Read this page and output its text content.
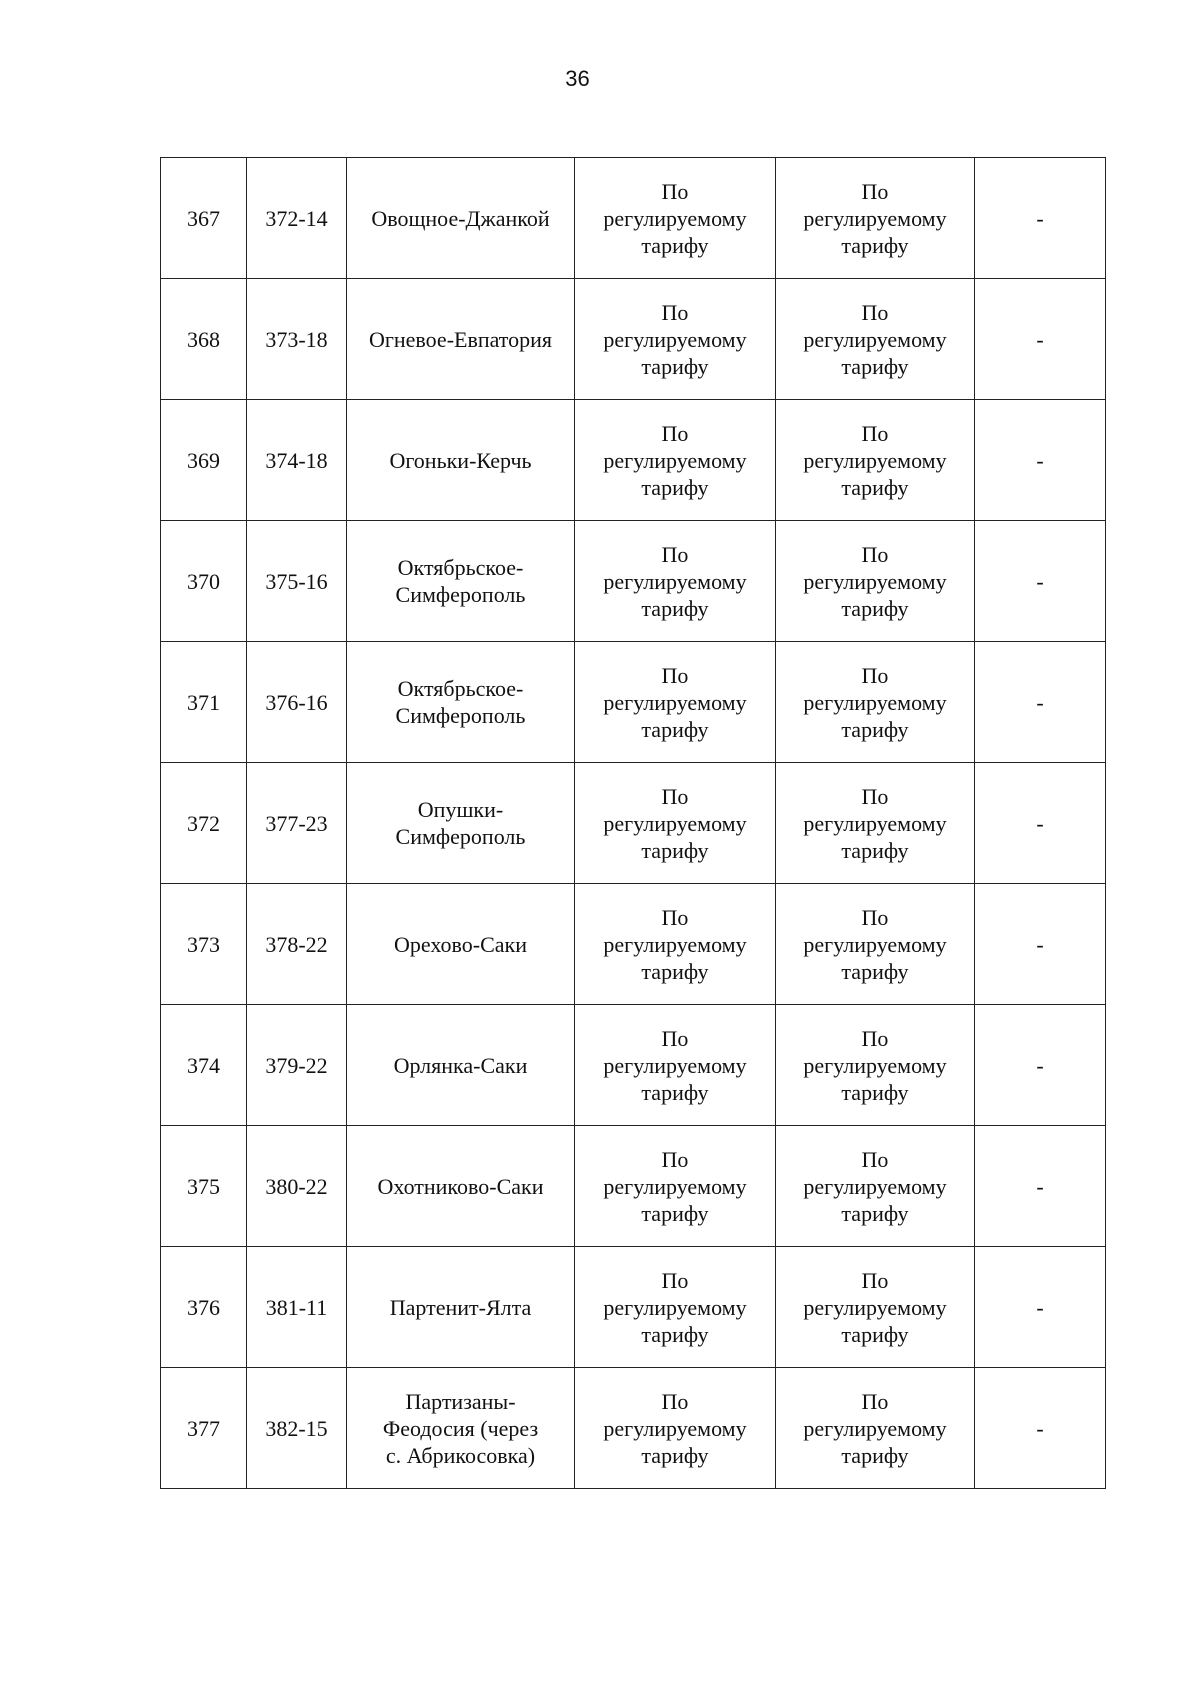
36
367	372-14	Овощное-Джанкой	По
регулируемому
тарифу	По
регулируемому
тарифу	-
368	373-18	Огневое-Евпатория	По
регулируемому
тарифу	По
регулируемому
тарифу	-
369	374-18	Огоньки-Керчь	По
регулируемому
тарифу	По
регулируемому
тарифу	-
370	375-16	Октябрьское-
Симферополь	По
регулируемому
тарифу	По
регулируемому
тарифу	-
371	376-16	Октябрьское-
Симферополь	По
регулируемому
тарифу	По
регулируемому
тарифу	-
372	377-23	Опушки-
Симферополь	По
регулируемому
тарифу	По
регулируемому
тарифу	-
373	378-22	Орехово-Саки	По
регулируемому
тарифу	По
регулируемому
тарифу	-
374	379-22	Орлянка-Саки	По
регулируемому
тарифу	По
регулируемому
тарифу	-
375	380-22	Охотниково-Саки	По
регулируемому
тарифу	По
регулируемому
тарифу	-
376	381-11	Партенит-Ялта	По
регулируемому
тарифу	По
регулируемому
тарифу	-
377	382-15	Партизаны-
Феодосия (через
с. Абрикосовка)	По
регулируемому
тарифу	По
регулируемому
тарифу	-
